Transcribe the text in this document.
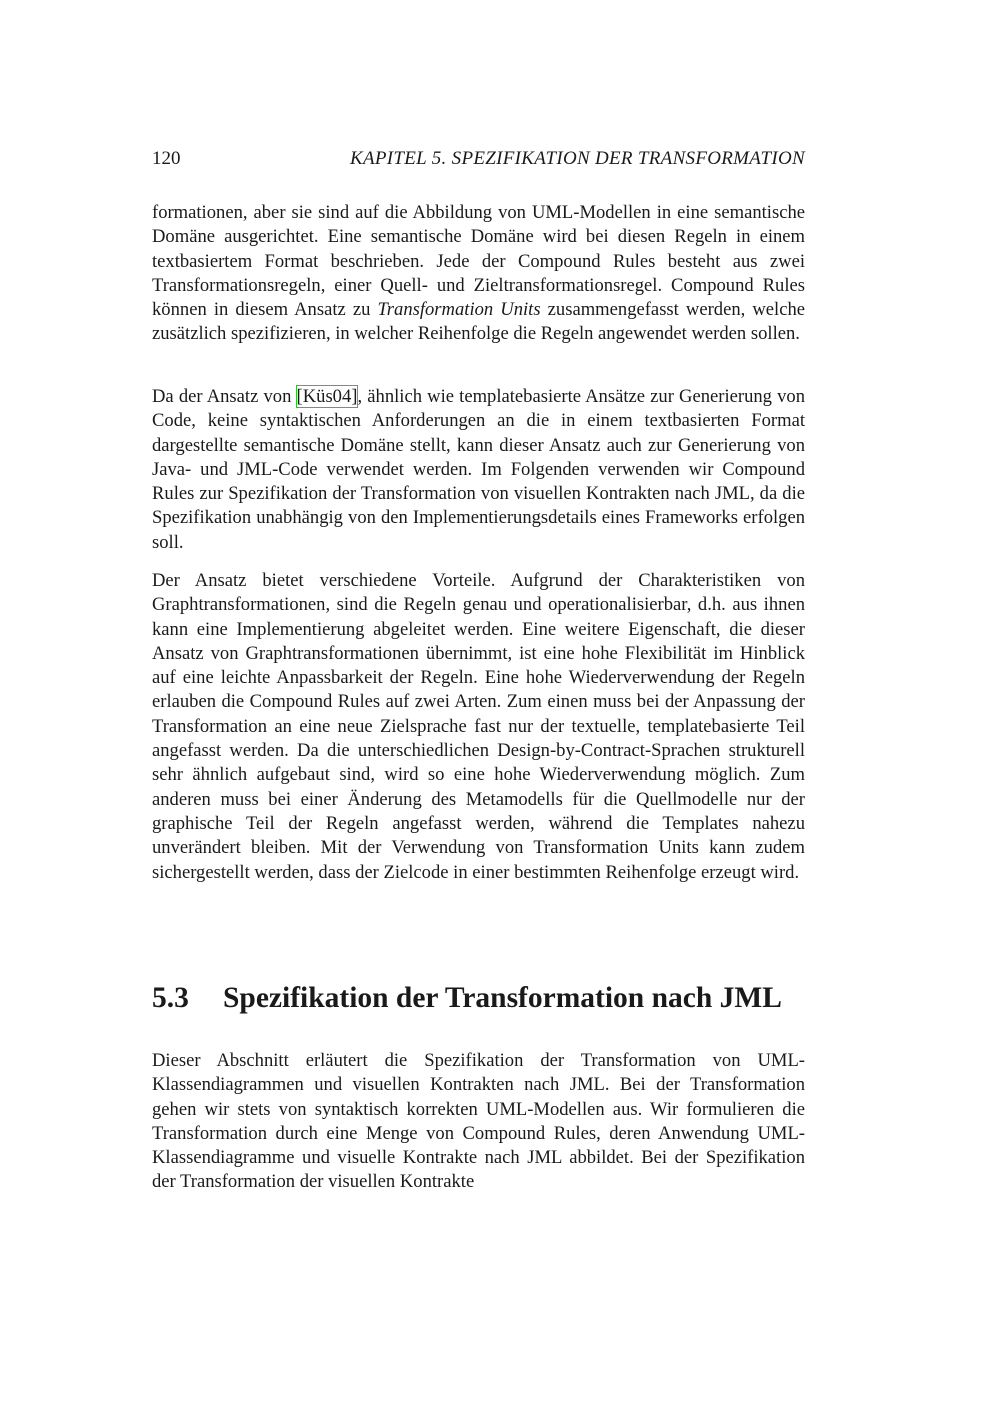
120	KAPITEL 5. SPEZIFIKATION DER TRANSFORMATION

formationen, aber sie sind auf die Abbildung von UML-Modellen in eine semantische Domäne ausgerichtet. Eine semantische Domäne wird bei diesen Regeln in einem textbasiertem Format beschrieben. Jede der Compound Rules besteht aus zwei Transformationsregeln, einer Quell- und Zieltransformationsregel. Compound Rules können in diesem Ansatz zu Transformation Units zusammengefasst werden, welche zusätzlich spezifizieren, in welcher Reihenfolge die Regeln angewendet werden sollen.

Da der Ansatz von [Küs04], ähnlich wie templatebasierte Ansätze zur Generierung von Code, keine syntaktischen Anforderungen an die in einem textbasierten Format dargestellte semantische Domäne stellt, kann dieser Ansatz auch zur Generierung von Java- und JML-Code verwendet werden. Im Folgenden verwenden wir Compound Rules zur Spezifikation der Transformation von visuellen Kontrakten nach JML, da die Spezifikation unabhängig von den Implementierungsdetails eines Frameworks erfolgen soll.

Der Ansatz bietet verschiedene Vorteile. Aufgrund der Charakteristiken von Graphtransformationen, sind die Regeln genau und operationalisierbar, d.h. aus ihnen kann eine Implementierung abgeleitet werden. Eine weitere Eigenschaft, die dieser Ansatz von Graphtransformationen übernimmt, ist eine hohe Flexibilität im Hinblick auf eine leichte Anpassbarkeit der Regeln. Eine hohe Wiederverwendung der Regeln erlauben die Compound Rules auf zwei Arten. Zum einen muss bei der Anpassung der Transformation an eine neue Zielsprache fast nur der textuelle, templatebasierte Teil angefasst werden. Da die unterschiedlichen Design-by-Contract-Sprachen strukturell sehr ähnlich aufgebaut sind, wird so eine hohe Wiederverwendung möglich. Zum anderen muss bei einer Änderung des Metamodells für die Quellmodelle nur der graphische Teil der Regeln angefasst werden, während die Templates nahezu unverändert bleiben. Mit der Verwendung von Transformation Units kann zudem sichergestellt werden, dass der Zielcode in einer bestimmten Reihenfolge erzeugt wird.

5.3 Spezifikation der Transformation nach JML

Dieser Abschnitt erläutert die Spezifikation der Transformation von UML-Klassendiagrammen und visuellen Kontrakten nach JML. Bei der Transformation gehen wir stets von syntaktisch korrekten UML-Modellen aus. Wir formulieren die Transformation durch eine Menge von Compound Rules, deren Anwendung UML-Klassendiagramme und visuelle Kontrakte nach JML abbildet. Bei der Spezifikation der Transformation der visuellen Kontrakte
